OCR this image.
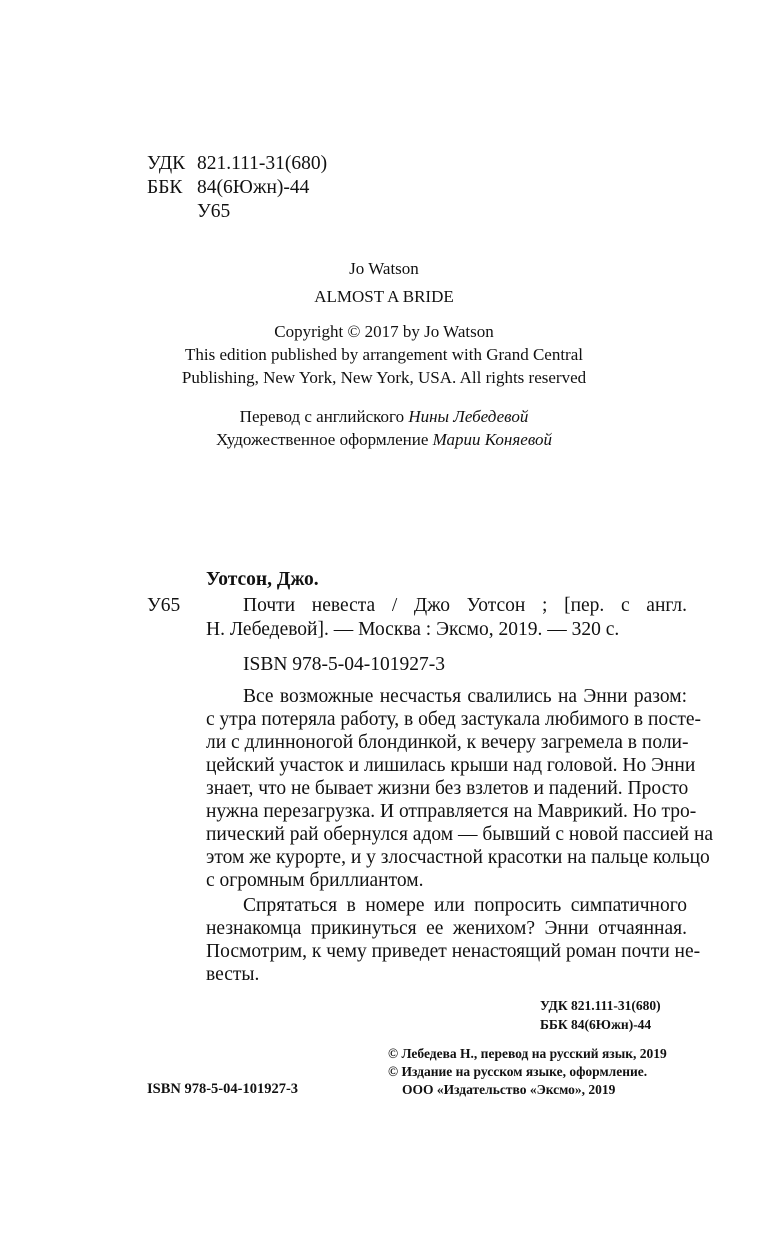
УДК 821.111-31(680)
ББК 84(6Южн)-44
У65
Jo Watson
ALMOST A BRIDE
Copyright © 2017 by Jo Watson
This edition published by arrangement with Grand Central
Publishing, New York, New York, USA. All rights reserved
Перевод с английского Нины Лебедевой
Художественное оформление Марии Коняевой
Уотсон, Джо.
У65	Почти невеста / Джо Уотсон ; [пер. с англ.
Н. Лебедевой]. — Москва : Эксмо, 2019. — 320 с.
ISBN 978-5-04-101927-3
Все возможные несчастья свалились на Энни разом:
с утра потеряла работу, в обед застукала любимого в посте-
ли с длинноногой блондинкой, к вечеру загремела в поли-
цейский участок и лишилась крыши над головой. Но Энни
знает, что не бывает жизни без взлетов и падений. Просто
нужна перезагрузка. И отправляется на Маврикий. Но тро-
пический рай обернулся адом — бывший с новой пассией на
этом же курорте, и у злосчастной красотки на пальце кольцо
с огромным бриллиантом.
Спрятаться в номере или попросить симпатичного
незнакомца прикинуться ее женихом? Энни отчаянная.
Посмотрим, к чему приведет ненастоящий роман почти не-
весты.
УДК 821.111-31(680)
ББК 84(6Южн)-44
© Лебедева Н., перевод на русский язык, 2019
© Издание на русском языке, оформление.
ISBN 978-5-04-101927-3	ООО «Издательство «Эксмо», 2019
